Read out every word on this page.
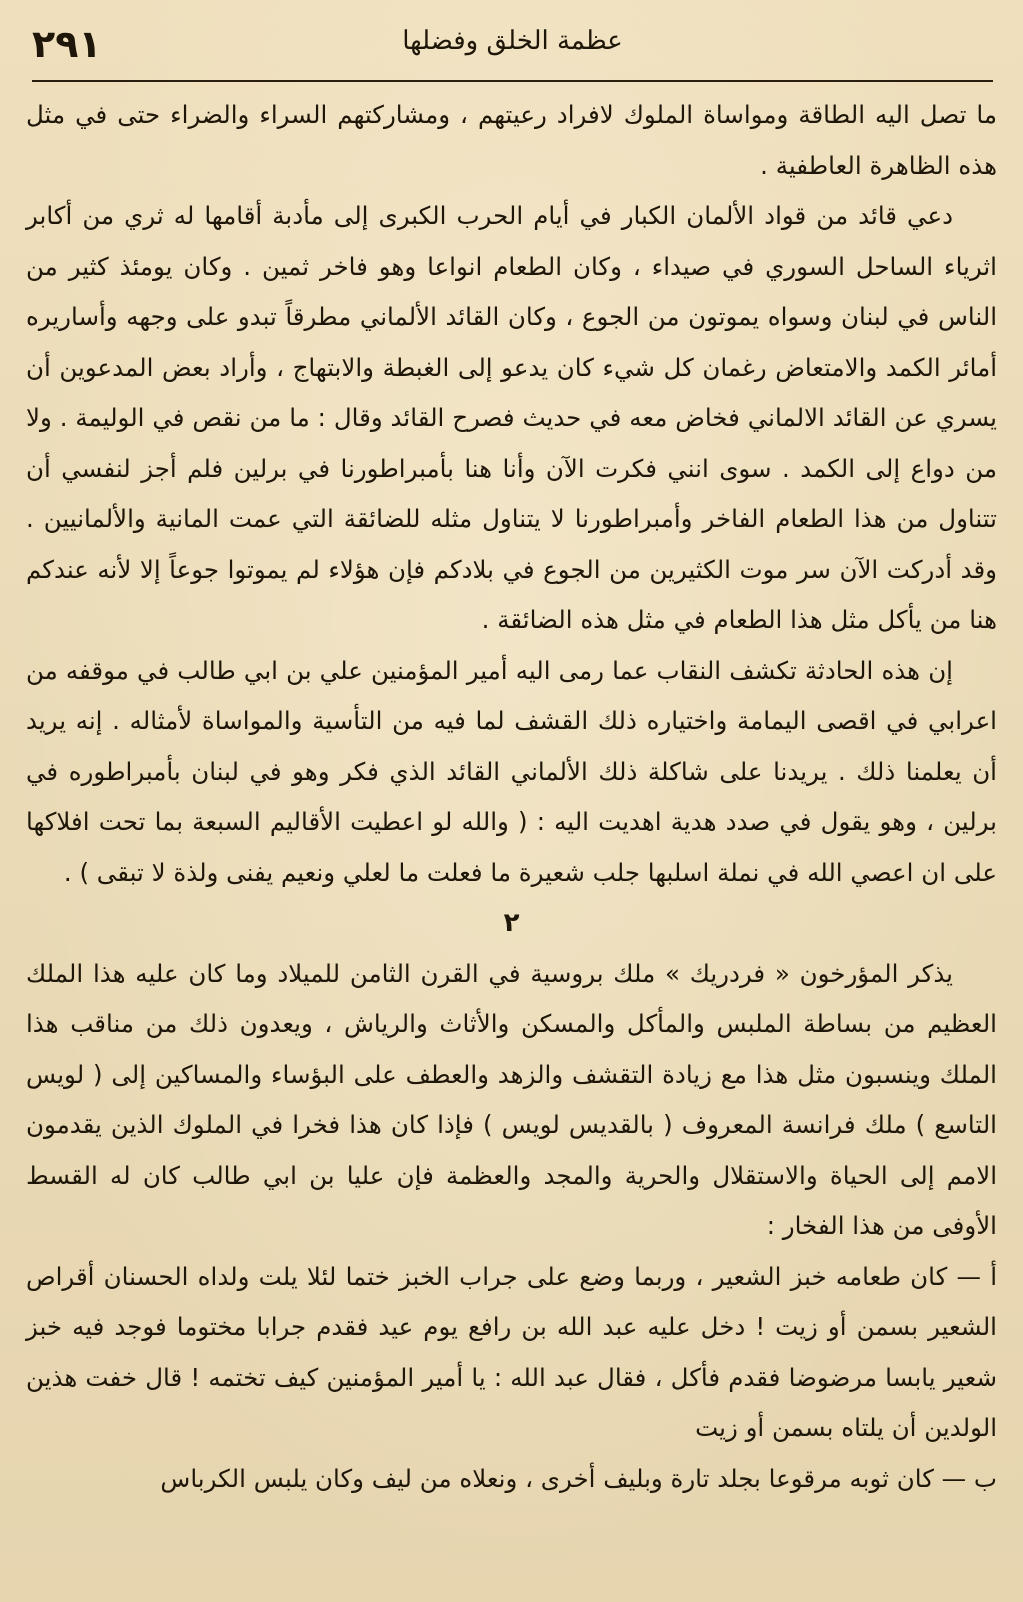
٢٩١	عظمة الخلق وفضلها

ما تصل اليه الطاقة ومواساة الملوك لافراد رعيتهم ، ومشاركتهم السراء والضراء حتى في مثل هذه الظاهرة العاطفية .

دعي قائد من قواد الألمان الكبار في أيام الحرب الكبرى إلى مأدبة أقامها له ثري من أكابر اثرياء الساحل السوري في صيداء ، وكان الطعام انواعا وهو فاخر ثمين . وكان يومئذ كثير من الناس في لبنان وسواه يموتون من الجوع ، وكان القائد الألماني مطرقاً تبدو على وجهه وأساريره أمائر الكمد والامتعاض رغمان كل شيء كان يدعو إلى الغبطة والابتهاج ، وأراد بعض المدعوين أن يسري عن القائد الالماني فخاض معه في حديث فصرح القائد وقال : ما من نقص في الوليمة . ولا من دواع إلى الكمد . سوى انني فكرت الآن وأنا هنا بأمبراطورنا في برلين فلم أجز لنفسي أن تتناول من هذا الطعام الفاخر وأمبراطورنا لا يتناول مثله للضائقة التي عمت المانية والألمانيين . وقد أدركت الآن سر موت الكثيرين من الجوع في بلادكم فإن هؤلاء لم يموتوا جوعاً إلا لأنه عندكم هنا من يأكل مثل هذا الطعام في مثل هذه الضائقة .

إن هذه الحادثة تكشف النقاب عما رمى اليه أمير المؤمنين علي بن ابي طالب في موقفه من اعرابي في اقصى اليمامة واختياره ذلك القشف لما فيه من التأسية والمواساة لأمثاله . إنه يريد أن يعلمنا ذلك . يريدنا على شاكلة ذلك الألماني القائد الذي فكر وهو في لبنان بأمبراطوره في برلين ، وهو يقول في صدد هدية اهديت اليه : ( والله لو اعطيت الأقاليم السبعة بما تحت افلاكها على ان اعصي الله في نملة اسلبها جلب شعيرة ما فعلت ما لعلي ونعيم يفنى ولذة لا تبقى ) .

٢

يذكر المؤرخون « فردريك » ملك بروسية في القرن الثامن للميلاد وما كان عليه هذا الملك العظيم من بساطة الملبس والمأكل والمسكن والأثاث والرياش ، ويعدون ذلك من مناقب هذا الملك وينسبون مثل هذا مع زيادة التقشف والزهد والعطف على البؤساء والمساكين إلى ( لويس التاسع ) ملك فرانسة المعروف ( بالقديس لويس ) فإذا كان هذا فخرا في الملوك الذين يقدمون الامم إلى الحياة والاستقلال والحرية والمجد والعظمة فإن عليا بن ابي طالب كان له القسط الأوفى من هذا الفخار :

أ — كان طعامه خبز الشعير ، وربما وضع على جراب الخبز ختما لئلا يلت ولداه الحسنان أقراص الشعير بسمن أو زيت ! دخل عليه عبد الله بن رافع يوم عيد فقدم جرابا مختوما فوجد فيه خبز شعير يابسا مرضوضا فقدم فأكل ، فقال عبد الله : يا أمير المؤمنين كيف تختمه ! قال خفت هذين الولدين أن يلتاه بسمن أو زيت

ب — كان ثوبه مرقوعا بجلد تارة وبليف أخرى ، ونعلاه من ليف وكان يلبس الكرباس
